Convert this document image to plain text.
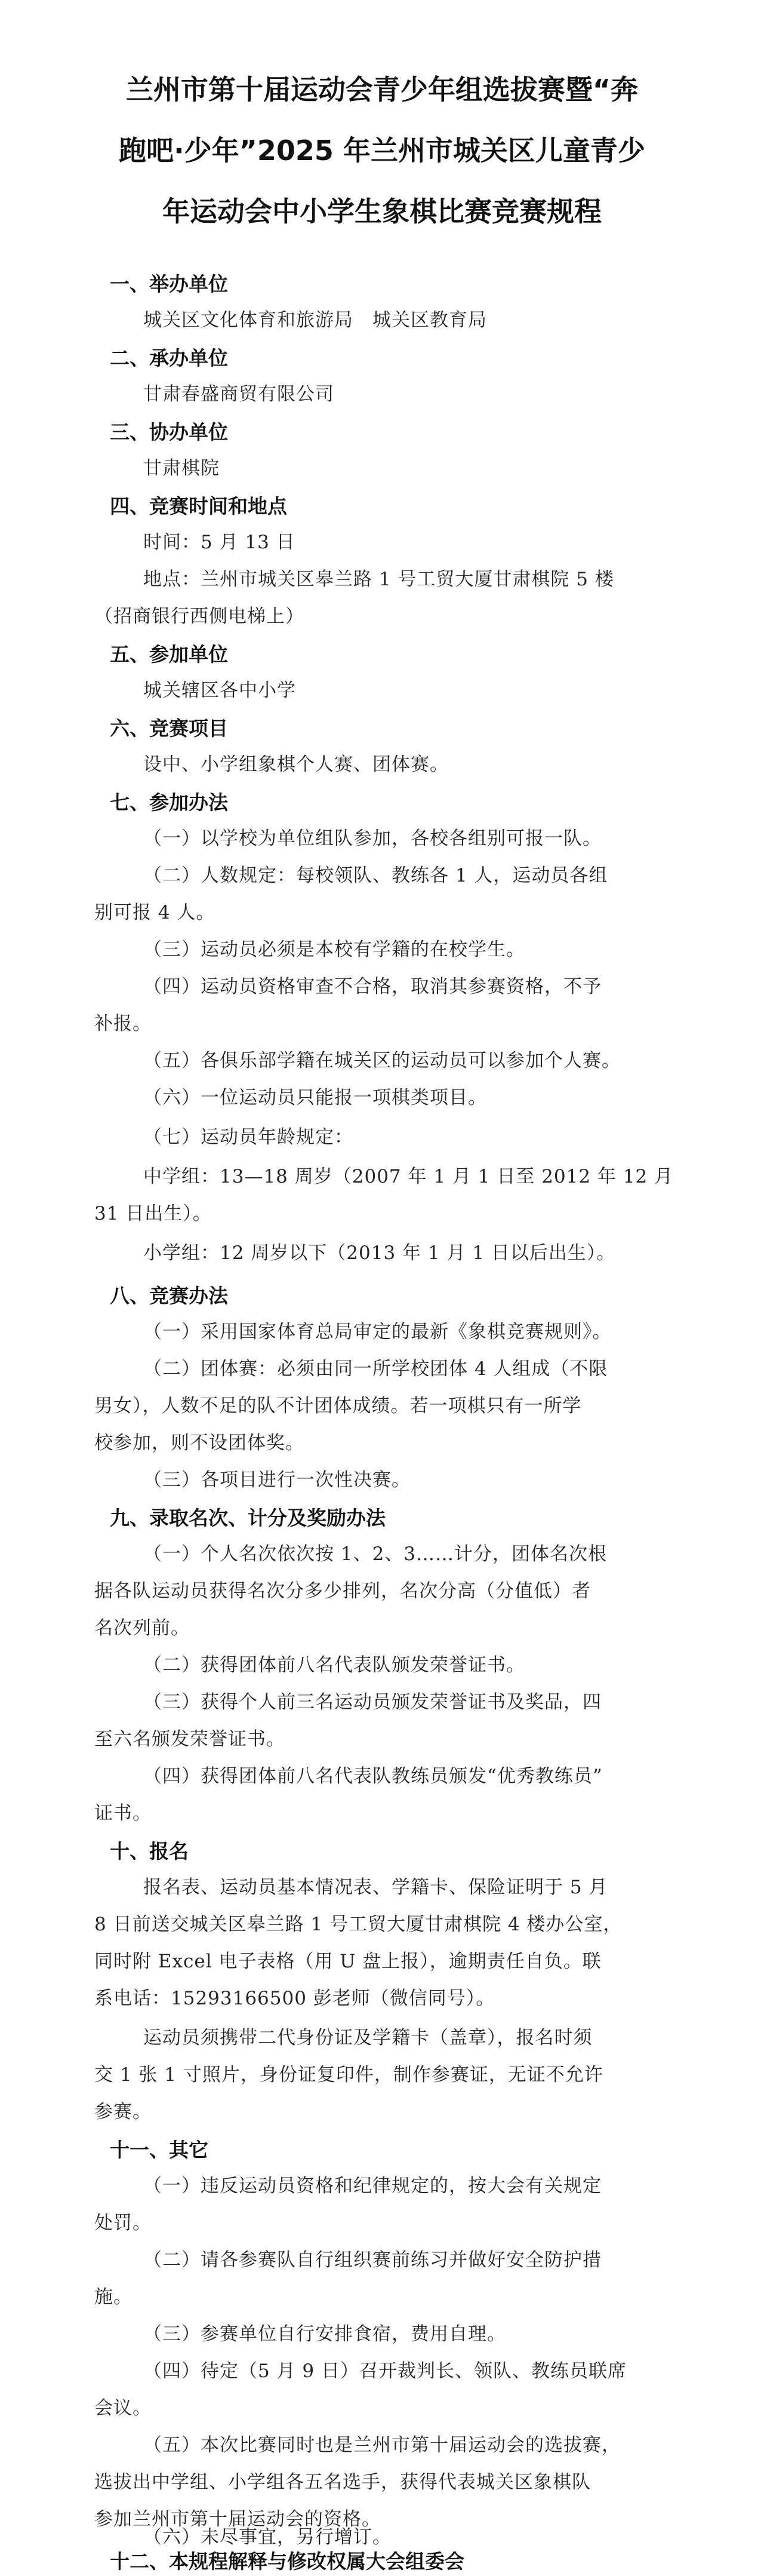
兰州市第十届运动会青少年组选拔赛暨“奔
跑吧·少年”2025 年兰州市城关区儿童青少
年运动会中小学生象棋比赛竞赛规程
一、举办单位
城关区文化体育和旅游局　城关区教育局
二、承办单位
甘肃春盛商贸有限公司
三、协办单位
甘肃棋院
四、竞赛时间和地点
时间：5 月 13 日
地点：兰州市城关区皋兰路 1 号工贸大厦甘肃棋院 5 楼
（招商银行西侧电梯上）
五、参加单位
城关辖区各中小学
六、竞赛项目
设中、小学组象棋个人赛、团体赛。
七、参加办法
（一）以学校为单位组队参加，各校各组别可报一队。
（二）人数规定：每校领队、教练各 1 人，运动员各组
别可报 4 人。
（三）运动员必须是本校有学籍的在校学生。
（四）运动员资格审查不合格，取消其参赛资格，不予
补报。
（五）各俱乐部学籍在城关区的运动员可以参加个人赛。
（六）一位运动员只能报一项棋类项目。
（七）运动员年龄规定：
中学组：13—18 周岁（2007 年 1 月 1 日至 2012 年 12 月
31 日出生）。
小学组：12 周岁以下（2013 年 1 月 1 日以后出生）。
八、竞赛办法
（一）采用国家体育总局审定的最新《象棋竞赛规则》。
（二）团体赛：必须由同一所学校团体 4 人组成（不限
男女），人数不足的队不计团体成绩。若一项棋只有一所学
校参加，则不设团体奖。
（三）各项目进行一次性决赛。
九、录取名次、计分及奖励办法
（一）个人名次依次按 1、2、3……计分，团体名次根
据各队运动员获得名次分多少排列，名次分高（分值低）者
名次列前。
（二）获得团体前八名代表队颁发荣誉证书。
（三）获得个人前三名运动员颁发荣誉证书及奖品，四
至六名颁发荣誉证书。
（四）获得团体前八名代表队教练员颁发“优秀教练员”
证书。
十、报名
报名表、运动员基本情况表、学籍卡、保险证明于 5 月
8 日前送交城关区皋兰路 1 号工贸大厦甘肃棋院 4 楼办公室，
同时附 Excel 电子表格（用 U 盘上报），逾期责任自负。联
系电话：15293166500 彭老师（微信同号）。
运动员须携带二代身份证及学籍卡（盖章），报名时须
交 1 张 1 寸照片，身份证复印件，制作参赛证，无证不允许
参赛。
十一、其它
（一）违反运动员资格和纪律规定的，按大会有关规定
处罚。
（二）请各参赛队自行组织赛前练习并做好安全防护措
施。
（三）参赛单位自行安排食宿，费用自理。
（四）待定（5 月 9 日）召开裁判长、领队、教练员联席
会议。
（五）本次比赛同时也是兰州市第十届运动会的选拔赛，
选拔出中学组、小学组各五名选手，获得代表城关区象棋队
参加兰州市第十届运动会的资格。
（六）未尽事宜，另行增订。
十二、本规程解释与修改权属大会组委会
